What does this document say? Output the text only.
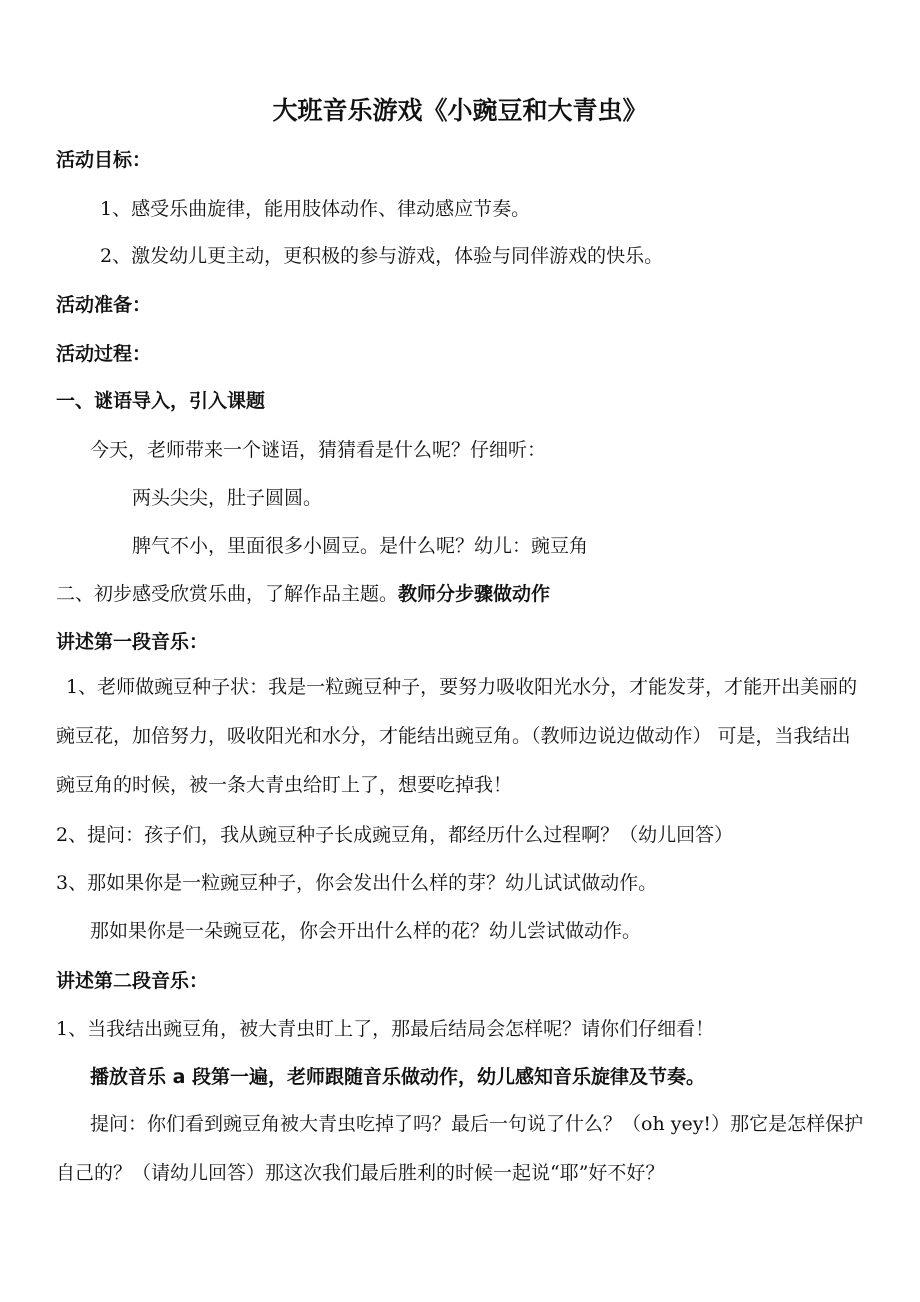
大班音乐游戏《小豌豆和大青虫》
活动目标：
1、感受乐曲旋律，能用肢体动作、律动感应节奏。
2、激发幼儿更主动，更积极的参与游戏，体验与同伴游戏的快乐。
活动准备：
活动过程：
一、谜语导入，引入课题
今天，老师带来一个谜语，猜猜看是什么呢？仔细听：
两头尖尖，肚子圆圆。
脾气不小，里面很多小圆豆。是什么呢？幼儿：豌豆角
二、初步感受欣赏乐曲，了解作品主题。教师分步骤做动作
讲述第一段音乐：
1、老师做豌豆种子状：我是一粒豌豆种子，要努力吸收阳光水分，才能发芽，才能开出美丽的豌豆花，加倍努力，吸收阳光和水分，才能结出豌豆角。（教师边说边做动作） 可是，当我结出豌豆角的时候，被一条大青虫给盯上了，想要吃掉我！
2、提问：孩子们，我从豌豆种子长成豌豆角，都经历什么过程啊？（幼儿回答）
3、那如果你是一粒豌豆种子，你会发出什么样的芽？幼儿试试做动作。
那如果你是一朵豌豆花，你会开出什么样的花？幼儿尝试做动作。
讲述第二段音乐：
1、当我结出豌豆角，被大青虫盯上了，那最后结局会怎样呢？请你们仔细看！
播放音乐 a 段第一遍，老师跟随音乐做动作，幼儿感知音乐旋律及节奏。
提问：你们看到豌豆角被大青虫吃掉了吗？最后一句说了什么？（oh yey!）那它是怎样保护自己的？（请幼儿回答）那这次我们最后胜利的时候一起说“耶”好不好？
